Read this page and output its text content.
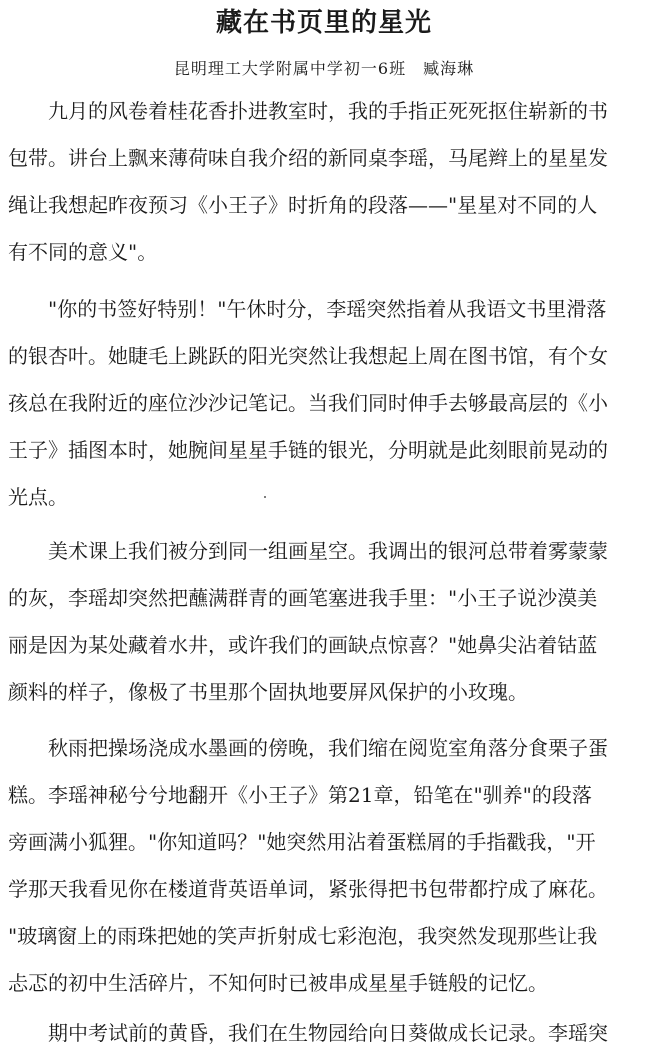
藏在书页里的星光
昆明理工大学附属中学初一6班　臧海琳
九月的风卷着桂花香扑进教室时，我的手指正死死抠住崭新的书
包带。讲台上飘来薄荷味自我介绍的新同桌李瑶，马尾辫上的星星发
绳让我想起昨夜预习《小王子》时折角的段落——"星星对不同的人
有不同的意义"。
"你的书签好特别！"午休时分，李瑶突然指着从我语文书里滑落
的银杏叶。她睫毛上跳跃的阳光突然让我想起上周在图书馆，有个女
孩总在我附近的座位沙沙记笔记。当我们同时伸手去够最高层的《小
王子》插图本时，她腕间星星手链的银光，分明就是此刻眼前晃动的
光点。
美术课上我们被分到同一组画星空。我调出的银河总带着雾蒙蒙
的灰，李瑶却突然把蘸满群青的画笔塞进我手里："小王子说沙漠美
丽是因为某处藏着水井，或许我们的画缺点惊喜？"她鼻尖沾着钴蓝
颜料的样子，像极了书里那个固执地要屏风保护的小玫瑰。
秋雨把操场浇成水墨画的傍晚，我们缩在阅览室角落分食栗子蛋
糕。李瑶神秘兮兮地翻开《小王子》第21章，铅笔在"驯养"的段落
旁画满小狐狸。"你知道吗？"她突然用沾着蛋糕屑的手指戳我，"开
学那天我看见你在楼道背英语单词，紧张得把书包带都拧成了麻花。
"玻璃窗上的雨珠把她的笑声折射成七彩泡泡，我突然发现那些让我
忐忑的初中生活碎片，不知何时已被串成星星手链般的记忆。
期中考试前的黄昏，我们在生物园给向日葵做成长记录。李瑶突
